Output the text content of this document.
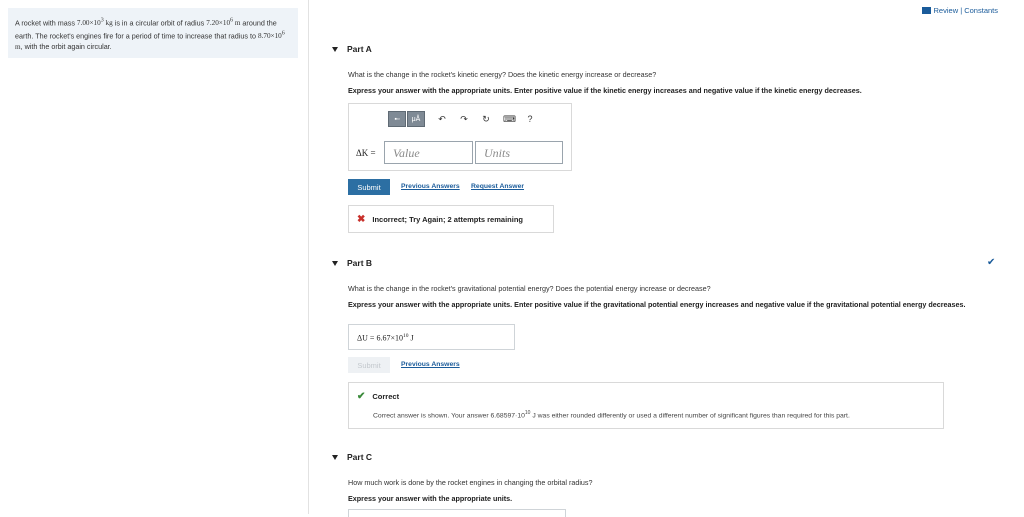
A rocket with mass $7.00\times 10^3$ kg is in a circular orbit of radius $7.20\times 10^6$ m around the earth. The rocket's engines fire for a period of time to increase that radius to $8.70\times 10^6$ m, with the orbit again circular.
Review | Constants
Part A
What is the change in the rocket's kinetic energy? Does the kinetic energy increase or decrease?
Express your answer with the appropriate units. Enter positive value if the kinetic energy increases and negative value if the kinetic energy decreases.
▪▫	μÅ	↶ ↷ ↻ ⌨ ?
ΔK =	Value	Units
Submit	Previous Answers Request Answer
✖ Incorrect; Try Again; 2 attempts remaining
Part B	✔
What is the change in the rocket's gravitational potential energy? Does the potential energy increase or decrease?
Express your answer with the appropriate units. Enter positive value if the gravitational potential energy increases and negative value if the gravitational potential energy decreases.
$\Delta U = 6.67\times 10^{10}$ J
Submit	Previous Answers
✔ Correct
Correct answer is shown. Your answer $6.68597\cdot 10^{10}$ J was either rounded differently or used a different number of significant figures than required for this part.
Part C
How much work is done by the rocket engines in changing the orbital radius?
Express your answer with the appropriate units.
